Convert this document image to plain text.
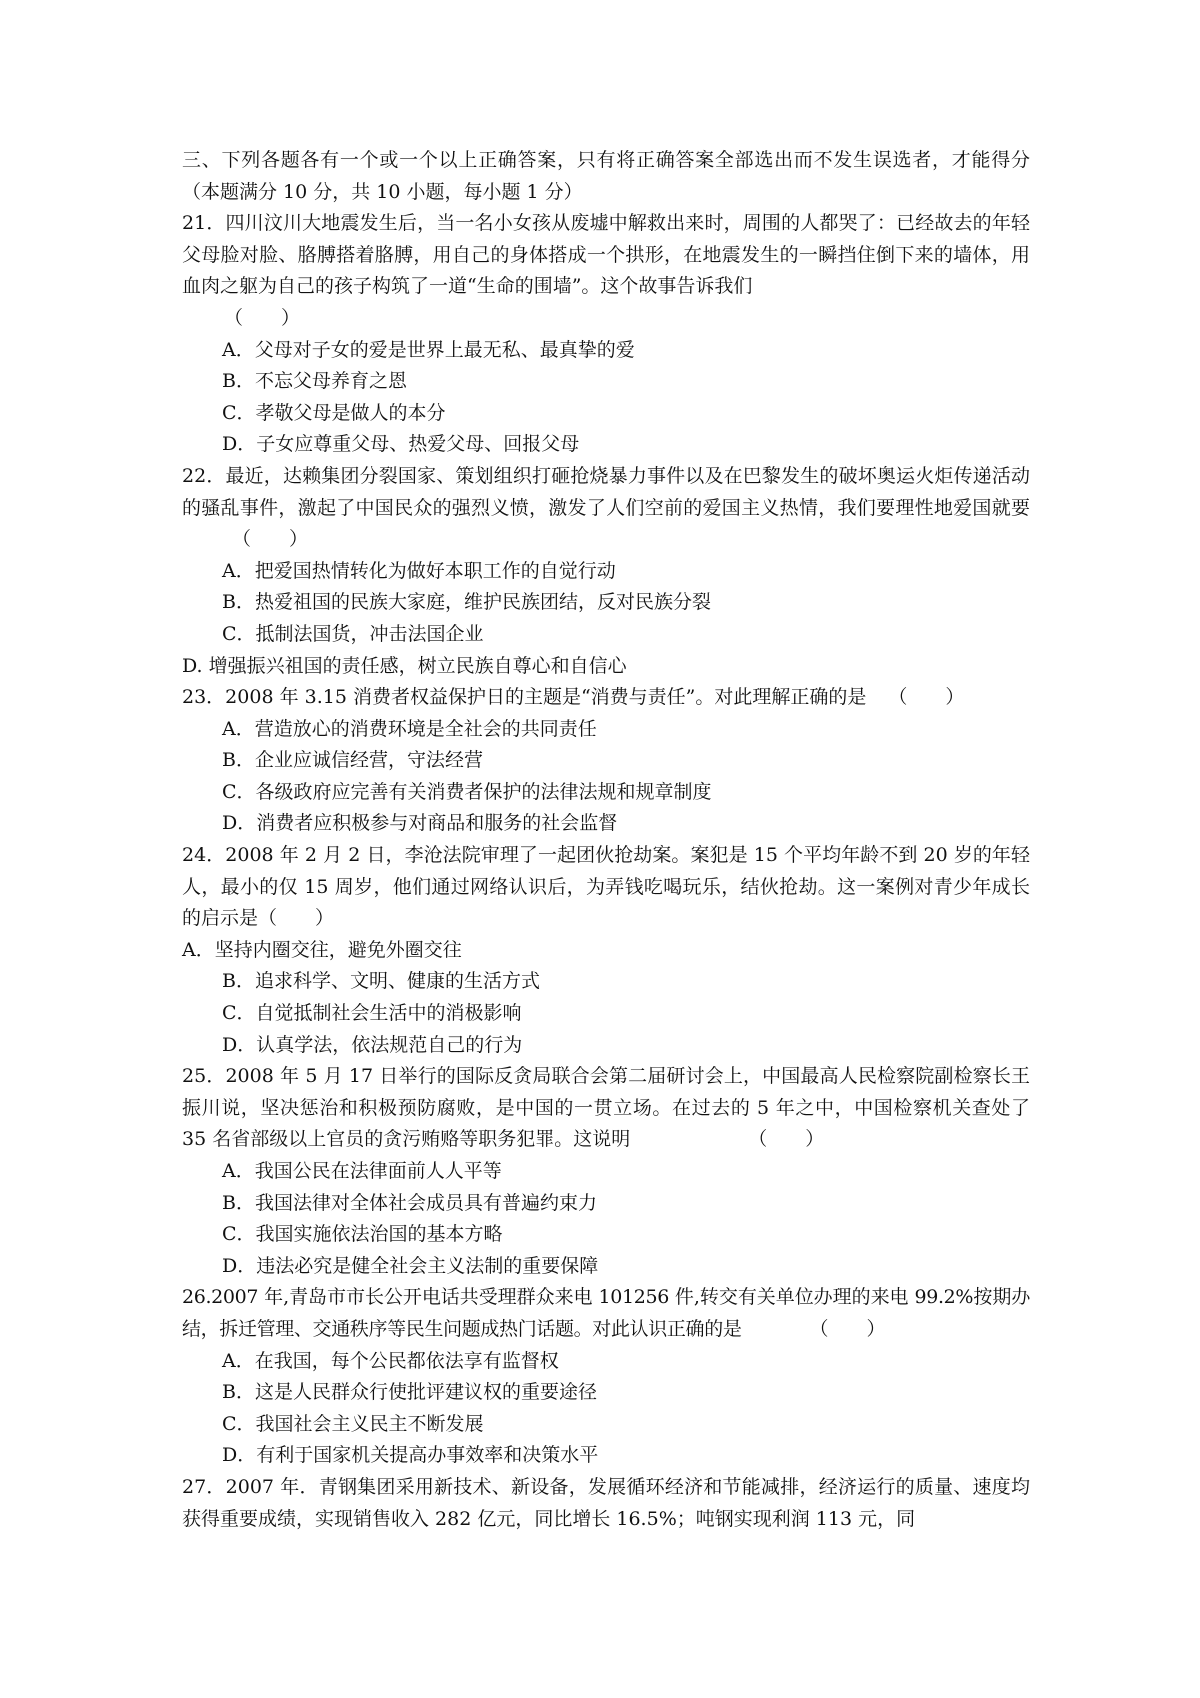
三、下列各题各有一个或一个以上正确答案，只有将正确答案全部选出而不发生误选者，才能得分（本题满分 10 分，共 10 小题，每小题 1 分）

21．四川汶川大地震发生后，当一名小女孩从废墟中解救出来时，周围的人都哭了：已经故去的年轻父母脸对脸、胳膊搭着胳膊，用自己的身体搭成一个拱形，在地震发生的一瞬挡住倒下来的墙体，用血肉之躯为自己的孩子构筑了一道“生命的围墙”。这个故事告诉我们
（　　）

A．父母对子女的爱是世界上最无私、最真挚的爱

B．不忘父母养育之恩

C．孝敬父母是做人的本分

D．子女应尊重父母、热爱父母、回报父母

22．最近，达赖集团分裂国家、策划组织打砸抢烧暴力事件以及在巴黎发生的破坏奥运火炬传递活动的骚乱事件，激起了中国民众的强烈义愤，激发了人们空前的爱国主义热情，我们要理性地爱国就要（　　）

A．把爱国热情转化为做好本职工作的自觉行动

B．热爱祖国的民族大家庭，维护民族团结，反对民族分裂

C．抵制法国货，冲击法国企业

D. 增强振兴祖国的责任感，树立民族自尊心和自信心

23．2008 年 3.15 消费者权益保护日的主题是“消费与责任”。对此理解正确的是 （　　）

A．营造放心的消费环境是全社会的共同责任

B．企业应诚信经营，守法经营

C．各级政府应完善有关消费者保护的法律法规和规章制度

D．消费者应积极参与对商品和服务的社会监督

24．2008 年 2 月 2 日，李沧法院审理了一起团伙抢劫案。案犯是 15 个平均年龄不到 20 岁的年轻人，最小的仅 15 周岁，他们通过网络认识后，为弄钱吃喝玩乐，结伙抢劫。这一案例对青少年成长的启示是（　　）

A．坚持内圈交往，避免外圈交往

B．追求科学、文明、健康的生活方式

C．自觉抵制社会生活中的消极影响

D．认真学法，依法规范自己的行为

25．2008 年 5 月 17 日举行的国际反贪局联合会第二届研讨会上，中国最高人民检察院副检察长王振川说，坚决惩治和积极预防腐败，是中国的一贯立场。在过去的 5 年之中，中国检察机关查处了 35 名省部级以上官员的贪污贿赂等职务犯罪。这说明	（　　）

A．我国公民在法律面前人人平等

B．我国法律对全体社会成员具有普遍约束力

C．我国实施依法治国的基本方略

D．违法必究是健全社会主义法制的重要保障

26.2007 年,青岛市市长公开电话共受理群众来电 101256 件,转交有关单位办理的来电 99.2%按期办结，拆迁管理、交通秩序等民生问题成热门话题。对此认识正确的是	（　　）

A．在我国，每个公民都依法享有监督权

B．这是人民群众行使批评建议权的重要途径

C．我国社会主义民主不断发展

D．有利于国家机关提高办事效率和决策水平

27．2007 年．青钢集团采用新技术、新设备，发展循环经济和节能减排，经济运行的质量、速度均获得重要成绩，实现销售收入 282 亿元，同比增长 16.5%；吨钢实现利润 113 元，同
